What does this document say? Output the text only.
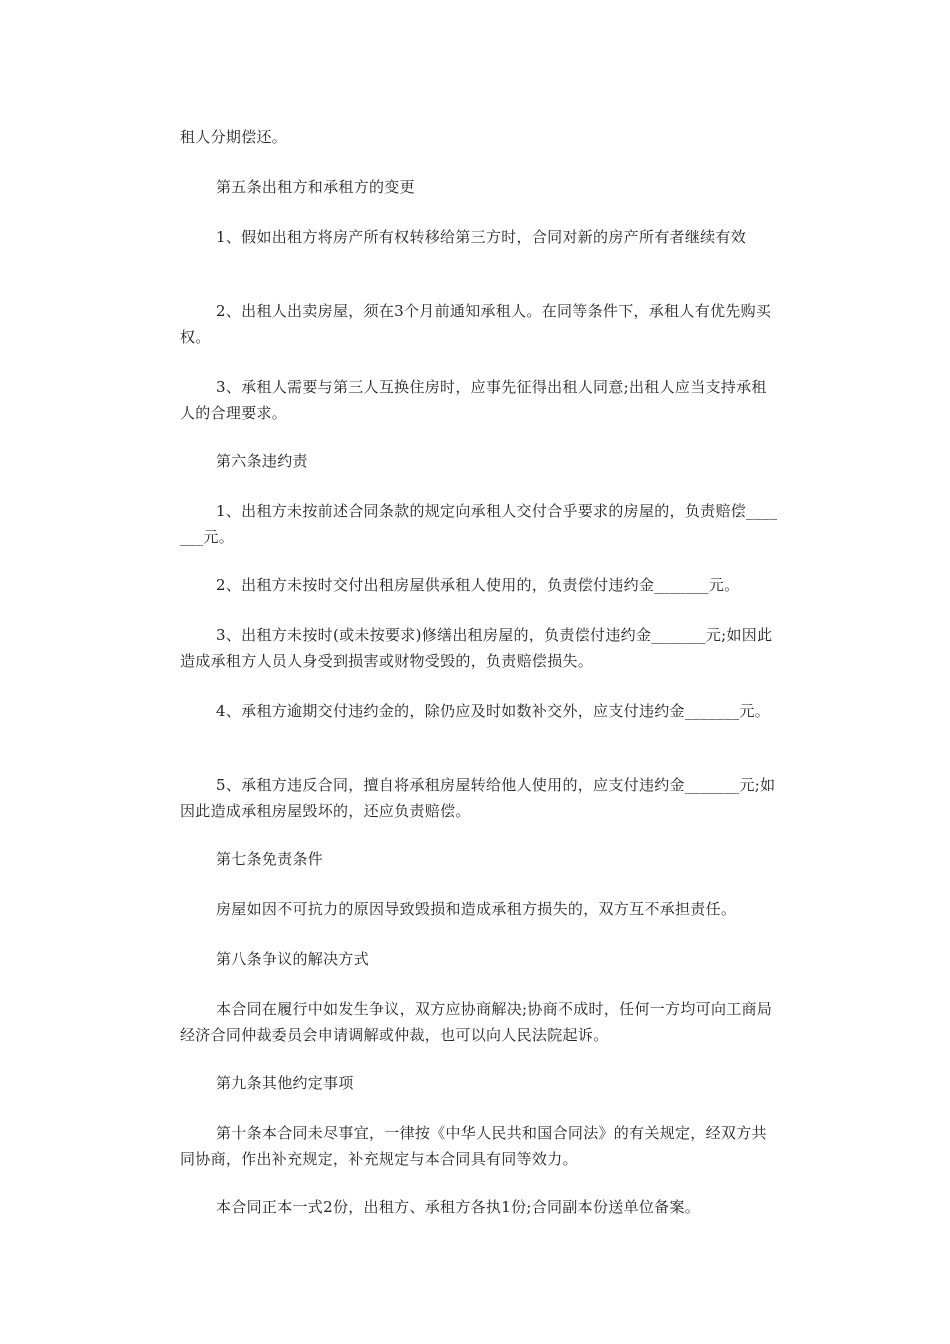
租人分期偿还。

第五条出租方和承租方的变更

1、假如出租方将房产所有权转移给第三方时，合同对新的房产所有者继续有效

2、出租人出卖房屋，须在3个月前通知承租人。在同等条件下，承租人有优先购买权。

3、承租人需要与第三人互换住房时，应事先征得出租人同意;出租人应当支持承租人的合理要求。

第六条违约责

1、出租方未按前述合同条款的规定向承租人交付合乎要求的房屋的，负责赔偿_______元。

2、出租方未按时交付出租房屋供承租人使用的，负责偿付违约金_______元。

3、出租方未按时(或未按要求)修缮出租房屋的，负责偿付违约金_______元;如因此造成承租方人员人身受到损害或财物受毁的，负责赔偿损失。

4、承租方逾期交付违约金的，除仍应及时如数补交外，应支付违约金_______元。

5、承租方违反合同，擅自将承租房屋转给他人使用的，应支付违约金_______元;如因此造成承租房屋毁坏的，还应负责赔偿。

第七条免责条件

房屋如因不可抗力的原因导致毁损和造成承租方损失的，双方互不承担责任。

第八条争议的解决方式

本合同在履行中如发生争议，双方应协商解决;协商不成时，任何一方均可向工商局经济合同仲裁委员会申请调解或仲裁，也可以向人民法院起诉。

第九条其他约定事项

第十条本合同未尽事宜，一律按《中华人民共和国合同法》的有关规定，经双方共同协商，作出补充规定，补充规定与本合同具有同等效力。

本合同正本一式2份，出租方、承租方各执1份;合同副本份送单位备案。
